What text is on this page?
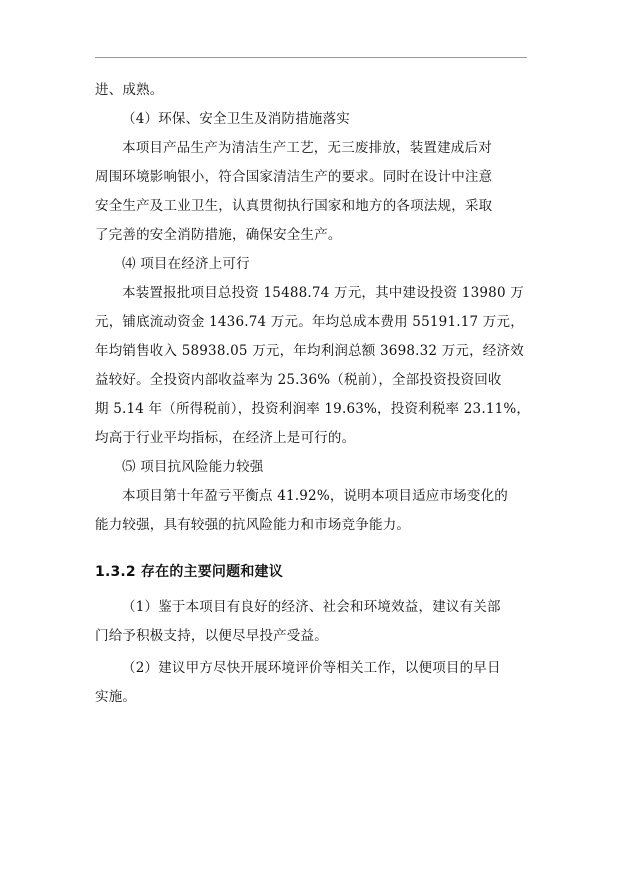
进、成熟。
（4）环保、安全卫生及消防措施落实
本项目产品生产为清洁生产工艺，无三废排放，装置建成后对
周围环境影响银小，符合国家清洁生产的要求。同时在设计中注意
安全生产及工业卫生，认真贯彻执行国家和地方的各项法规，采取
了完善的安全消防措施，确保安全生产。
⑷ 项目在经济上可行
本装置报批项目总投资 15488.74 万元，其中建设投资 13980 万
元，铺底流动资金 1436.74 万元。年均总成本费用 55191.17 万元，
年均销售收入 58938.05 万元，年均利润总额 3698.32 万元，经济效
益较好。全投资内部收益率为 25.36%（税前），全部投资投资回收
期 5.14 年（所得税前），投资利润率 19.63%，投资利税率 23.11%，
均高于行业平均指标，在经济上是可行的。
⑸ 项目抗风险能力较强
本项目第十年盈亏平衡点 41.92%，说明本项目适应市场变化的
能力较强，具有较强的抗风险能力和市场竞争能力。
1.3.2 存在的主要问题和建议
（1）鉴于本项目有良好的经济、社会和环境效益，建议有关部
门给予积极支持，以便尽早投产受益。
（2）建议甲方尽快开展环境评价等相关工作，以便项目的早日
实施。
